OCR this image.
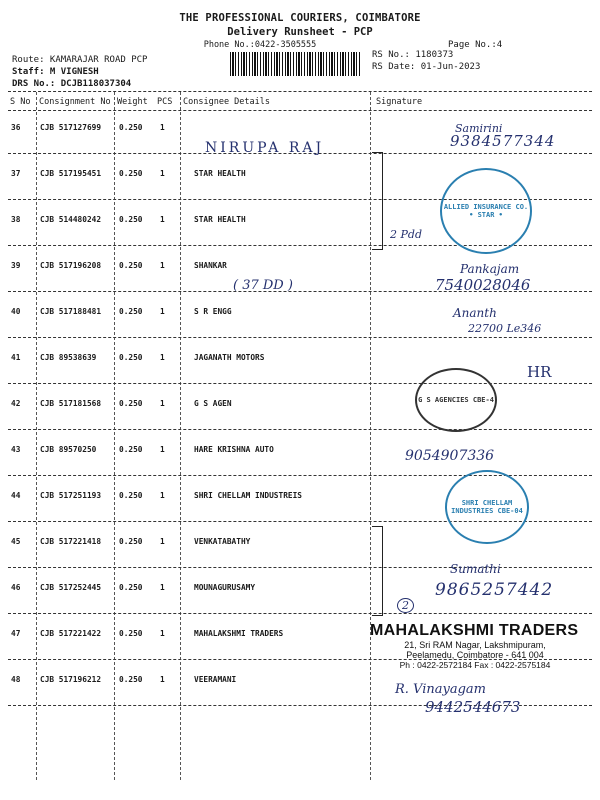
THE PROFESSIONAL COURIERS, COIMBATORE
Delivery Runsheet - PCP
Phone No.:0422-3505555	Page No.:4
Route: KAMARAJAR ROAD PCP
Staff: M VIGNESH
DRS No.: DCJB118037304
RS No.: 1180373
RS Date: 01-Jun-2023
S No Consignment No Weight PCS Consignee Details	Signature
36	CJB 517127699 0.250 1
37	CJB 517195451 0.250 1	STAR HEALTH
38	CJB 514480242 0.250 1	STAR HEALTH
39	CJB 517196208 0.250 1	SHANKAR
40	CJB 517188481 0.250 1	S R ENGG
41	CJB 89538639	0.250 1	JAGANATH MOTORS
42	CJB 517181568 0.250 1	G S AGEN
43	CJB 89570250	0.250 1	HARE KRISHNA AUTO
44	CJB 517251193 0.250 1	SHRI CHELLAM INDUSTREIS
45	CJB 517221418 0.250 1	VENKATABATHY
46	CJB 517252445 0.250 1	MOUNAGURUSAMY
47	CJB 517221422 0.250 1	MAHALAKSHMI TRADERS
48	CJB 517196212 0.250 1	VEERAMANI
NIRUPA RAJ
Samirini
9384577344
2 Pdd
ALLIED INSURANCE CO. • STAR •
( 37 DD )
Pankajam
7540028046
Ananth
22700 Le346
HR
G S AGENCIES CBE-4
9054907336
SHRI CHELLAM INDUSTRIES CBE-04
Sumathi
9865257442
2
MAHALAKSHMI TRADERS
21, Sri RAM Nagar, Lakshmipuram,
Peelamedu, Coimbatore - 641 004
Ph : 0422-2572184 Fax : 0422-2575184
R. Vinayagam
9442544673
